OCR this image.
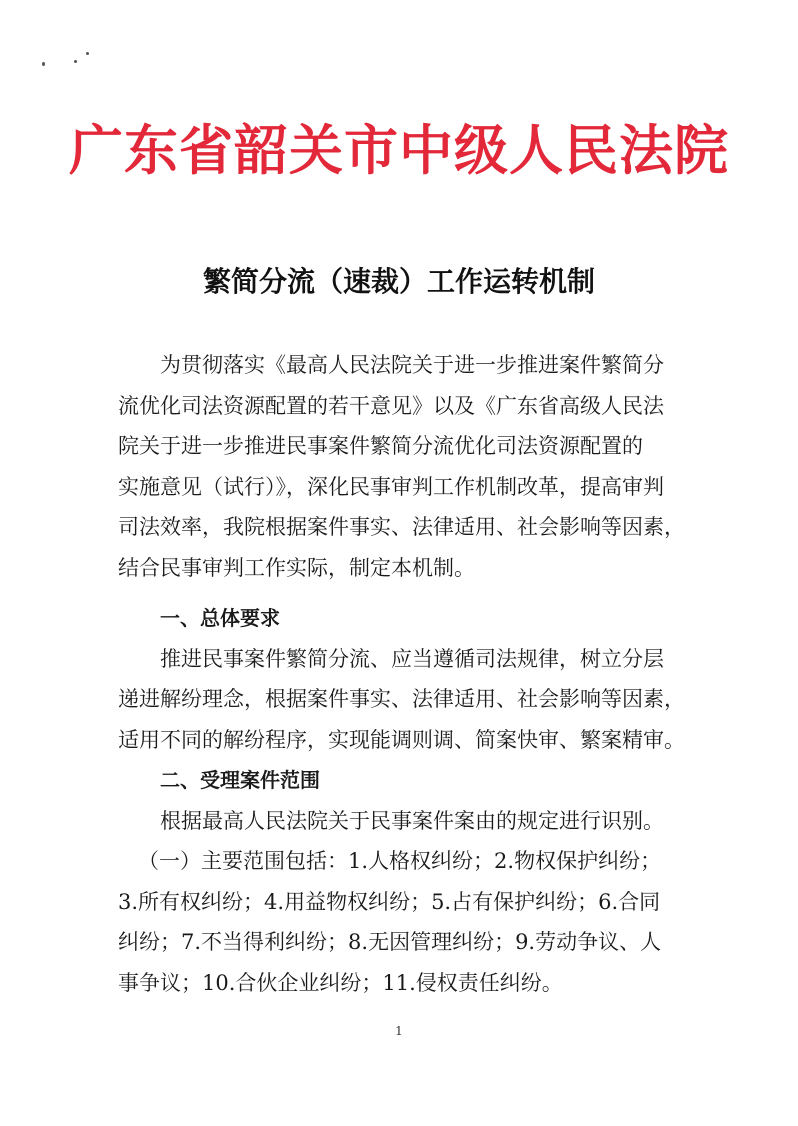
广东省韶关市中级人民法院
繁简分流（速裁）工作运转机制
为贯彻落实《最高人民法院关于进一步推进案件繁简分
流优化司法资源配置的若干意见》以及《广东省高级人民法
院关于进一步推进民事案件繁简分流优化司法资源配置的
实施意见（试行）》，深化民事审判工作机制改革，提高审判
司法效率，我院根据案件事实、法律适用、社会影响等因素，
结合民事审判工作实际，制定本机制。
一、总体要求
推进民事案件繁简分流、应当遵循司法规律，树立分层
递进解纷理念，根据案件事实、法律适用、社会影响等因素，
适用不同的解纷程序，实现能调则调、简案快审、繁案精审。
二、受理案件范围
根据最高人民法院关于民事案件案由的规定进行识别。
（一）主要范围包括：1.人格权纠纷；2.物权保护纠纷；
3.所有权纠纷；4.用益物权纠纷；5.占有保护纠纷；6.合同
纠纷；7.不当得利纠纷；8.无因管理纠纷；9.劳动争议、人
事争议；10.合伙企业纠纷；11.侵权责任纠纷。
1
